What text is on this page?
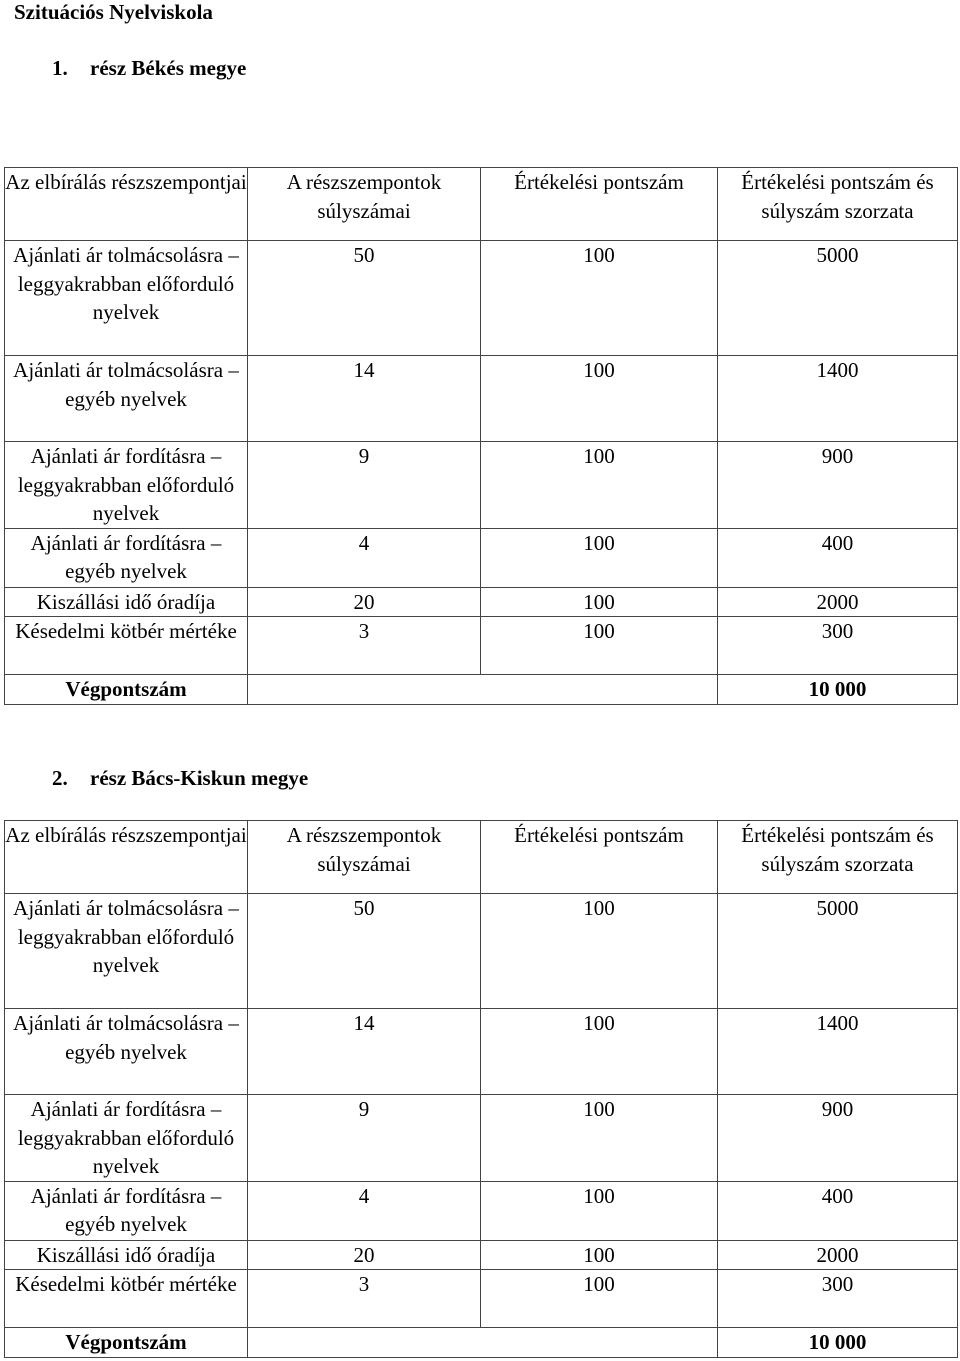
Szituációs Nyelviskola
1. rész Békés megye
Az elbírálás részszempontjai	A részszempontok súlyszámai	Értékelési pontszám	Értékelési pontszám és súlyszám szorzata
Ajánlati ár tolmácsolásra – leggyakrabban előforduló nyelvek	50	100	5000
Ajánlati ár tolmácsolásra – egyéb nyelvek	14	100	1400
Ajánlati ár fordításra – leggyakrabban előforduló nyelvek	9	100	900
Ajánlati ár fordításra – egyéb nyelvek	4	100	400
Kiszállási idő óradíja	20	100	2000
Késedelmi kötbér mértéke	3	100	300
Végpontszám			10 000
2. rész Bács-Kiskun megye
Az elbírálás részszempontjai	A részszempontok súlyszámai	Értékelési pontszám	Értékelési pontszám és súlyszám szorzata
Ajánlati ár tolmácsolásra – leggyakrabban előforduló nyelvek	50	100	5000
Ajánlati ár tolmácsolásra – egyéb nyelvek	14	100	1400
Ajánlati ár fordításra – leggyakrabban előforduló nyelvek	9	100	900
Ajánlati ár fordításra – egyéb nyelvek	4	100	400
Kiszállási idő óradíja	20	100	2000
Késedelmi kötbér mértéke	3	100	300
Végpontszám			10 000
